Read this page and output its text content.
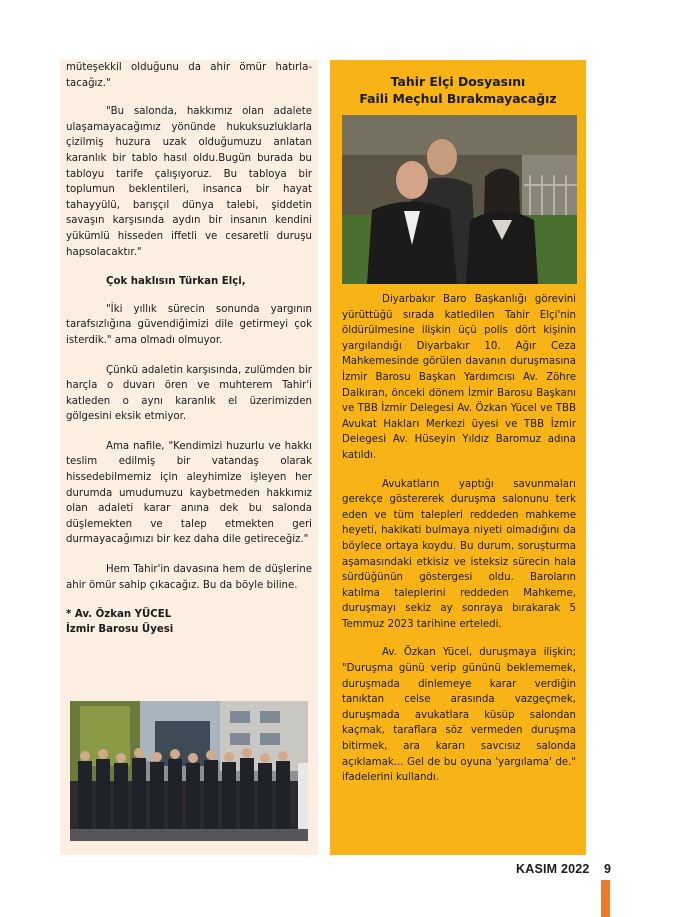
müteşekkil olduğunu da ahir ömür hatırla-tacağız."

"Bu salonda, hakkımız olan adalete ulaşamayacağımız yönünde hukuksuzluklarla çizilmiş huzura uzak olduğumuzu anlatan karanlık bir tablo hasıl oldu.Bugün burada bu tabloyu tarife çalışıyoruz. Bu tabloya bir toplumun beklentileri, insanca bir hayat tahayyülü, barışçıl dünya talebi, şiddetin savaşın karşısında aydın bir insanın kendini yükümlü hisseden iffetli ve cesaretli duruşu hapsolacaktır."

Çok haklısın Türkan Elçi,

"İki yıllık sürecin sonunda yargının tarafsızlığına güvendiğimizi dile getirmeyi çok isterdik." ama olmadı olmuyor.

Çünkü adaletin karşısında, zulümden bir harçla o duvarı ören ve muhterem Tahir'i katleden o aynı karanlık el üzerimizden gölgesini eksik etmiyor.

Ama nafile, "Kendimizi huzurlu ve hakkı teslim edilmiş bir vatandaş olarak hissedebilmemiz için aleyhimize işleyen her durumda umudumuzu kaybetmeden hakkımız olan adaleti karar anına dek bu salonda düşlemekten ve talep etmekten geri durmayacağımızı bir kez daha dile getireceğiz."

Hem Tahir'in davasına hem de düşlerine ahir ömür sahip çıkacağız. Bu da böyle biline.

* Av. Özkan YÜCEL
İzmir Barosu Üyesi

Tahir Elçi Dosyasını
Faili Meçhul Bırakmayacağız

Diyarbakır Baro Başkanlığı görevini yürüttüğü sırada katledilen Tahir Elçi'nin öldürülmesine ilişkin üçü polis dört kişinin yargılandığı Diyarbakır 10. Ağır Ceza Mahkemesinde görülen davanın duruşmasına İzmir Barosu Başkan Yardımcısı Av. Zöhre Dalkıran, önceki dönem İzmir Barosu Başkanı ve TBB İzmir Delegesi Av. Özkan Yücel ve TBB Avukat Hakları Merkezi üyesi ve TBB İzmir Delegesi Av. Hüseyin Yıldız Baromuz adına katıldı.

Avukatların yaptığı savunmaları gerekçe göstererek duruşma salonunu terk eden ve tüm talepleri reddeden mahkeme heyeti, hakikati bulmaya niyeti olmadığını da böylece ortaya koydu. Bu durum, soruşturma aşamasındaki etkisiz ve isteksiz sürecin hala sürdüğünün göstergesi oldu. Baroların katılma taleplerini reddeden Mahkeme, duruşmayı sekiz ay sonraya bırakarak 5 Temmuz 2023 tarihine erteledi.

Av. Özkan Yücel, duruşmaya ilişkin; "Duruşma günü verip gününü beklememek, duruşmada dinlemeye karar verdiğin tanıktan celse arasında vazgeçmek, duruşmada avukatlara küsüp salondan kaçmak, taraflara söz vermeden duruşma bitirmek, ara kararı savcısız salonda açıklamak... Gel de bu oyuna 'yargılama' de." ifadelerini kullandı.

KASIM 2022 9
